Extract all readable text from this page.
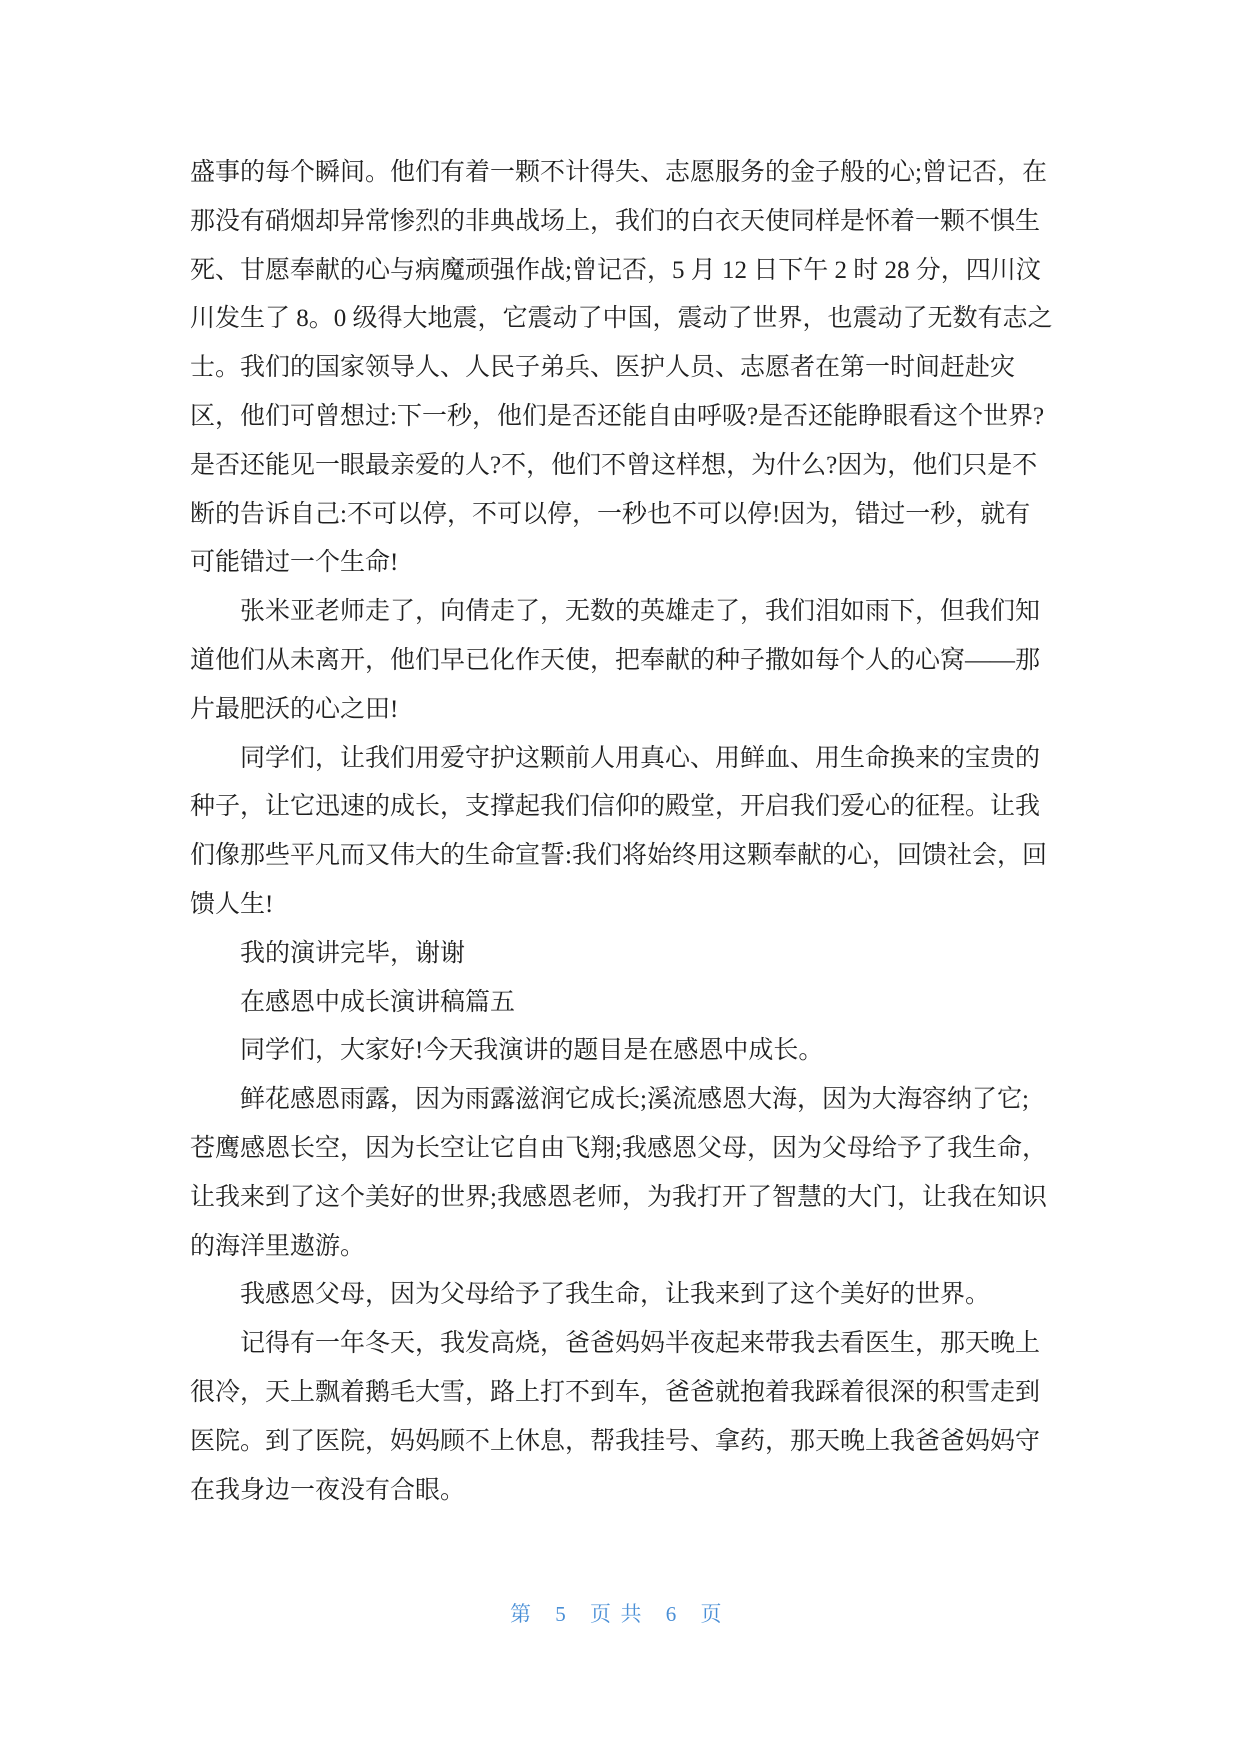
盛事的每个瞬间。他们有着一颗不计得失、志愿服务的金子般的心;曾记否，在
那没有硝烟却异常惨烈的非典战场上，我们的白衣天使同样是怀着一颗不惧生
死、甘愿奉献的心与病魔顽强作战;曾记否，5 月 12 日下午 2 时 28 分，四川汶
川发生了 8。0 级得大地震，它震动了中国，震动了世界，也震动了无数有志之
士。我们的国家领导人、人民子弟兵、医护人员、志愿者在第一时间赶赴灾
区，他们可曾想过:下一秒，他们是否还能自由呼吸?是否还能睁眼看这个世界?
是否还能见一眼最亲爱的人?不，他们不曾这样想，为什么?因为，他们只是不
断的告诉自己:不可以停，不可以停，一秒也不可以停!因为，错过一秒，就有
可能错过一个生命!
张米亚老师走了，向倩走了，无数的英雄走了，我们泪如雨下，但我们知
道他们从未离开，他们早已化作天使，把奉献的种子撒如每个人的心窝——那
片最肥沃的心之田!
同学们，让我们用爱守护这颗前人用真心、用鲜血、用生命换来的宝贵的
种子，让它迅速的成长，支撑起我们信仰的殿堂，开启我们爱心的征程。让我
们像那些平凡而又伟大的生命宣誓:我们将始终用这颗奉献的心，回馈社会，回
馈人生!
我的演讲完毕，谢谢
在感恩中成长演讲稿篇五
同学们，大家好!今天我演讲的题目是在感恩中成长。
鲜花感恩雨露，因为雨露滋润它成长;溪流感恩大海，因为大海容纳了它;
苍鹰感恩长空，因为长空让它自由飞翔;我感恩父母，因为父母给予了我生命，
让我来到了这个美好的世界;我感恩老师，为我打开了智慧的大门，让我在知识
的海洋里遨游。
我感恩父母，因为父母给予了我生命，让我来到了这个美好的世界。
记得有一年冬天，我发高烧，爸爸妈妈半夜起来带我去看医生，那天晚上
很冷，天上飘着鹅毛大雪，路上打不到车，爸爸就抱着我踩着很深的积雪走到
医院。到了医院，妈妈顾不上休息，帮我挂号、拿药，那天晚上我爸爸妈妈守
在我身边一夜没有合眼。
第 5 页共 6 页
